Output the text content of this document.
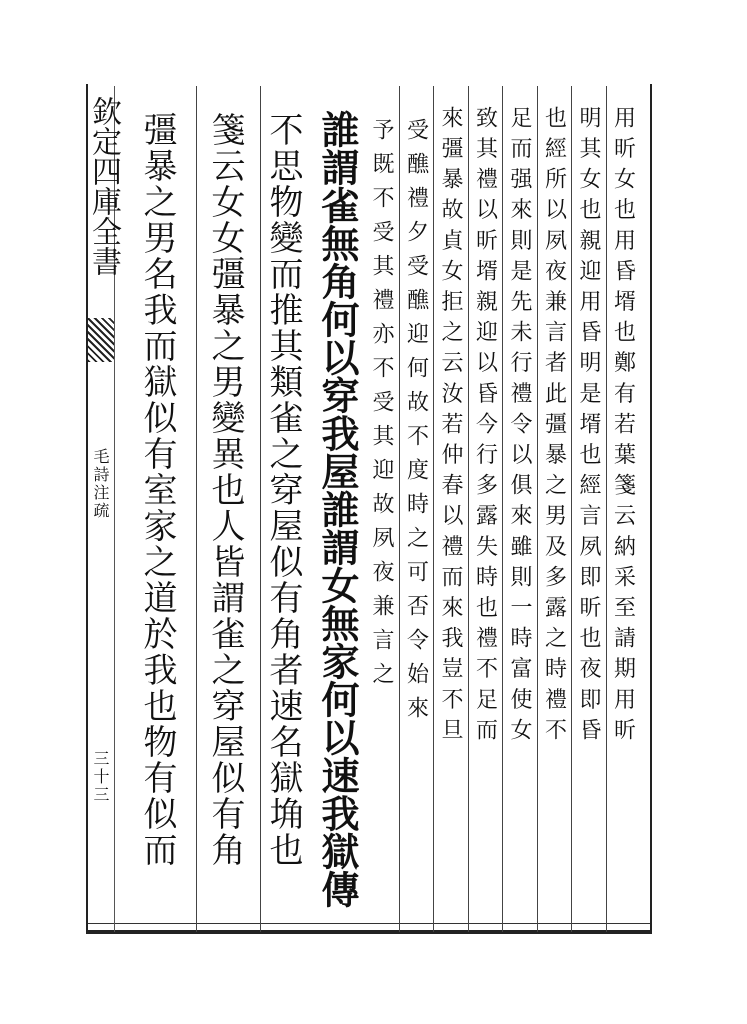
欽定四庫全書
毛詩注疏
三十三
用昕女也用昏壻也鄭有若葉箋云納采至請期用昕
明其女也親迎用昏明是壻也經言夙即昕也夜即昏
也經所以夙夜兼言者此彊暴之男及多露之時禮不
足而强來則是先未行禮令以俱來雖則一時富使女
致其禮以昕壻親迎以昏今行多露失時也禮不足而
來彊暴故貞女拒之云汝若仲春以禮而來我豈不旦
受醮禮夕受醮迎何故不度時之可否令始來
予既不受其禮亦不受其迎故夙夜兼言之
誰謂雀無角何以穿我屋誰謂女無家何以速我獄傳
不思物變而推其類雀之穿屋似有角者速名獄埆也
箋云女女彊暴之男變異也人皆謂雀之穿屋似有角
彊暴之男名我而獄似有室家之道於我也物有似而
